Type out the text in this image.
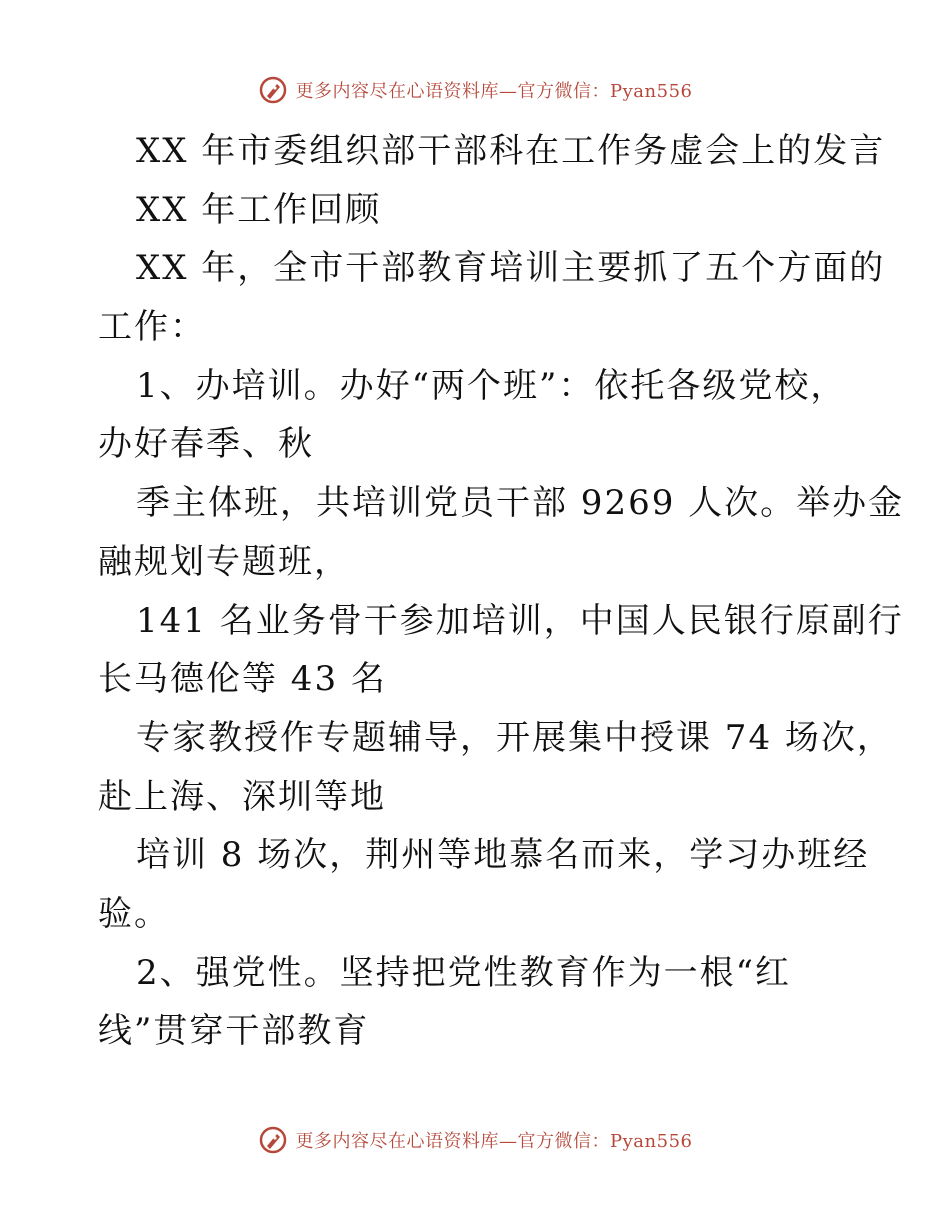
更多内容尽在心语资料库—官方微信：Pyan556
XX 年市委组织部干部科在工作务虚会上的发言
XX 年工作回顾
XX 年，全市干部教育培训主要抓了五个方面的
工作：
1、办培训。办好“两个班”：依托各级党校，
办好春季、秋
季主体班，共培训党员干部 9269 人次。举办金
融规划专题班，
141 名业务骨干参加培训，中国人民银行原副行
长马德伦等 43 名
专家教授作专题辅导，开展集中授课 74 场次，
赴上海、深圳等地
培训 8 场次，荆州等地慕名而来，学习办班经
验。
2、强党性。坚持把党性教育作为一根“红
线”贯穿干部教育
更多内容尽在心语资料库—官方微信：Pyan556
